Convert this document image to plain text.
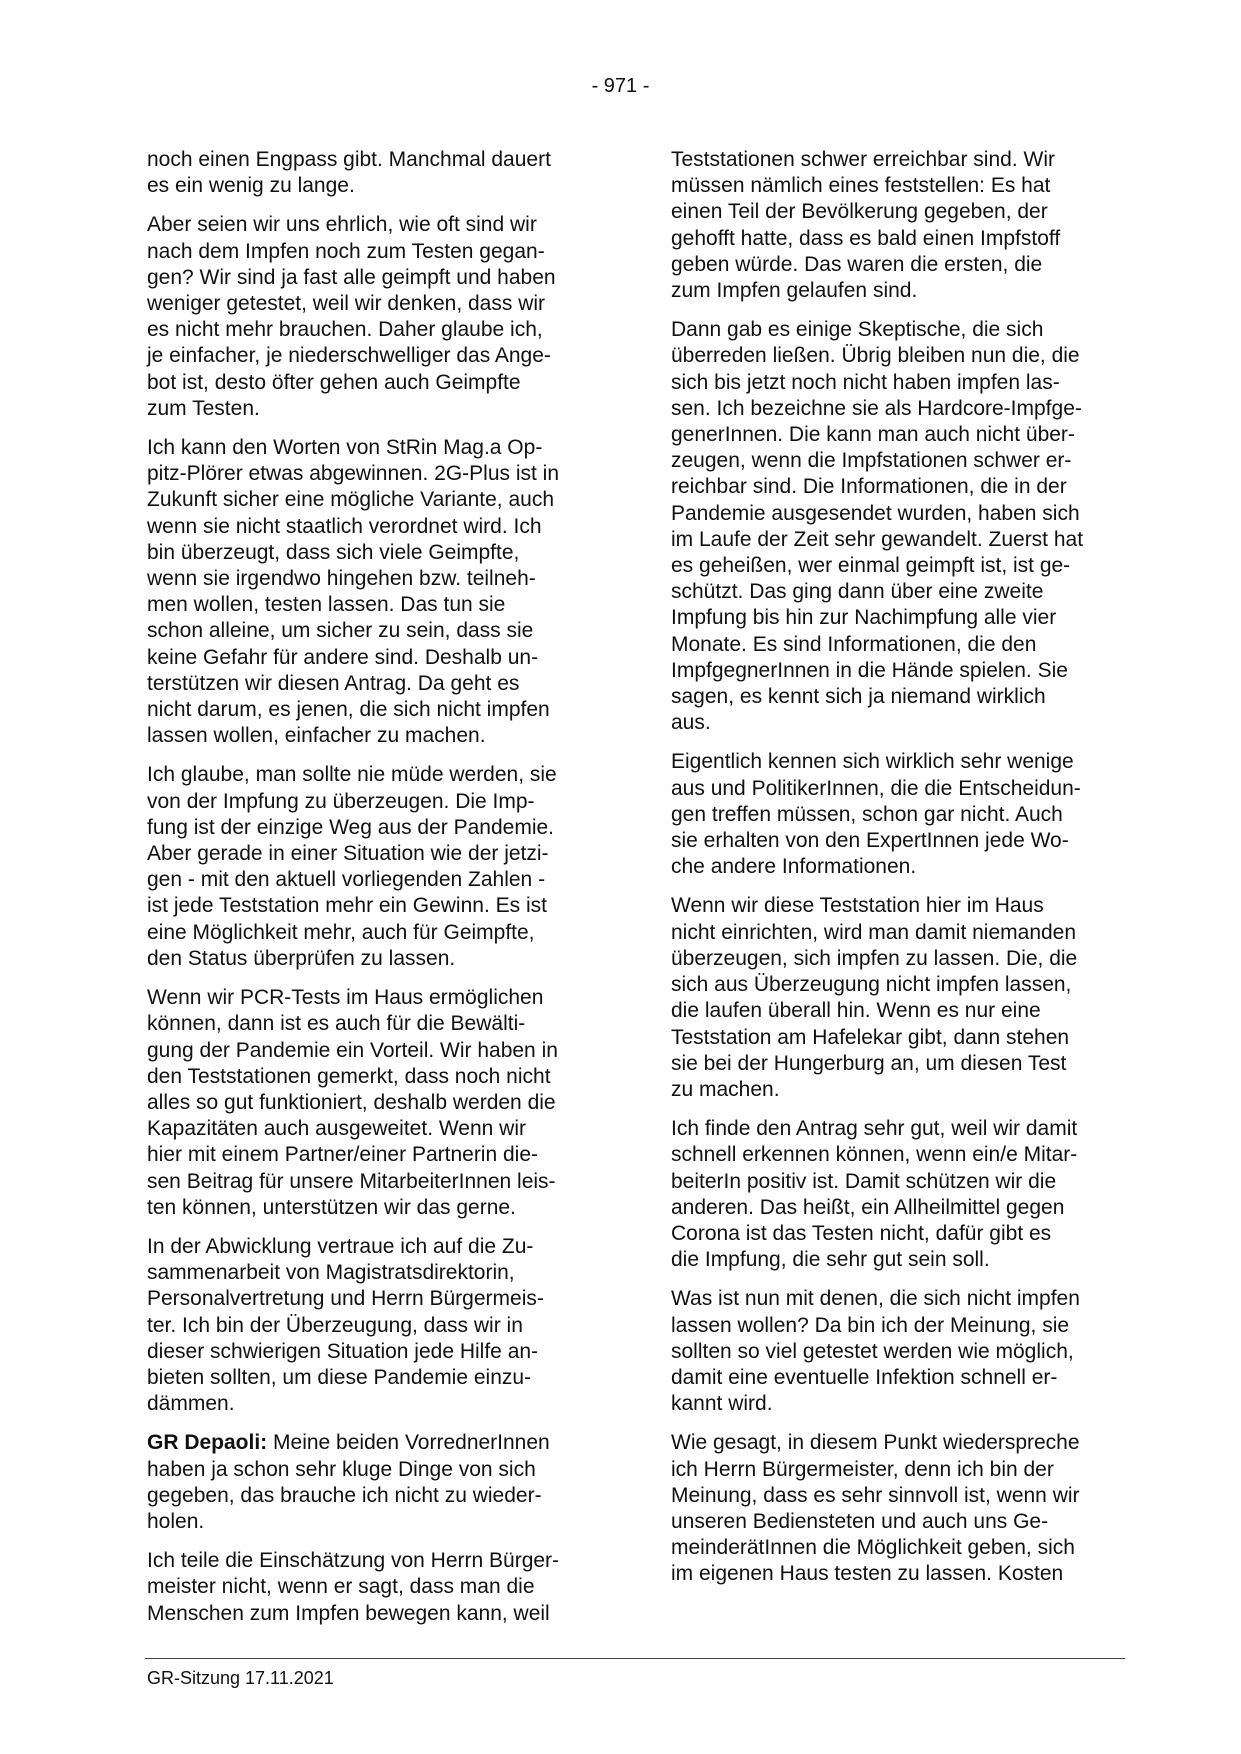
- 971 -

noch einen Engpass gibt. Manchmal dauert
es ein wenig zu lange.

Aber seien wir uns ehrlich, wie oft sind wir
nach dem Impfen noch zum Testen gegan-
gen? Wir sind ja fast alle geimpft und haben
weniger getestet, weil wir denken, dass wir
es nicht mehr brauchen. Daher glaube ich,
je einfacher, je niederschwelliger das Ange-
bot ist, desto öfter gehen auch Geimpfte
zum Testen.

Ich kann den Worten von StRin Mag.a Op-
pitz-Plörer etwas abgewinnen. 2G-Plus ist in
Zukunft sicher eine mögliche Variante, auch
wenn sie nicht staatlich verordnet wird. Ich
bin überzeugt, dass sich viele Geimpfte,
wenn sie irgendwo hingehen bzw. teilneh-
men wollen, testen lassen. Das tun sie
schon alleine, um sicher zu sein, dass sie
keine Gefahr für andere sind. Deshalb un-
terstützen wir diesen Antrag. Da geht es
nicht darum, es jenen, die sich nicht impfen
lassen wollen, einfacher zu machen.

Ich glaube, man sollte nie müde werden, sie
von der Impfung zu überzeugen. Die Imp-
fung ist der einzige Weg aus der Pandemie.
Aber gerade in einer Situation wie der jetzi-
gen - mit den aktuell vorliegenden Zahlen -
ist jede Teststation mehr ein Gewinn. Es ist
eine Möglichkeit mehr, auch für Geimpfte,
den Status überprüfen zu lassen.

Wenn wir PCR-Tests im Haus ermöglichen
können, dann ist es auch für die Bewälti-
gung der Pandemie ein Vorteil. Wir haben in
den Teststationen gemerkt, dass noch nicht
alles so gut funktioniert, deshalb werden die
Kapazitäten auch ausgeweitet. Wenn wir
hier mit einem Partner/einer Partnerin die-
sen Beitrag für unsere MitarbeiterInnen leis-
ten können, unterstützen wir das gerne.

In der Abwicklung vertraue ich auf die Zu-
sammenarbeit von Magistratsdirektorin,
Personalvertretung und Herrn Bürgermeis-
ter. Ich bin der Überzeugung, dass wir in
dieser schwierigen Situation jede Hilfe an-
bieten sollten, um diese Pandemie einzu-
dämmen.

GR Depaoli: Meine beiden VorrednerInnen
haben ja schon sehr kluge Dinge von sich
gegeben, das brauche ich nicht zu wieder-
holen.

Ich teile die Einschätzung von Herrn Bürger-
meister nicht, wenn er sagt, dass man die
Menschen zum Impfen bewegen kann, weil

Teststationen schwer erreichbar sind. Wir
müssen nämlich eines feststellen: Es hat
einen Teil der Bevölkerung gegeben, der
gehofft hatte, dass es bald einen Impfstoff
geben würde. Das waren die ersten, die
zum Impfen gelaufen sind.

Dann gab es einige Skeptische, die sich
überreden ließen. Übrig bleiben nun die, die
sich bis jetzt noch nicht haben impfen las-
sen. Ich bezeichne sie als Hardcore-Impfge-
generInnen. Die kann man auch nicht über-
zeugen, wenn die Impfstationen schwer er-
reichbar sind. Die Informationen, die in der
Pandemie ausgesendet wurden, haben sich
im Laufe der Zeit sehr gewandelt. Zuerst hat
es geheißen, wer einmal geimpft ist, ist ge-
schützt. Das ging dann über eine zweite
Impfung bis hin zur Nachimpfung alle vier
Monate. Es sind Informationen, die den
ImpfgegnerInnen in die Hände spielen. Sie
sagen, es kennt sich ja niemand wirklich
aus.

Eigentlich kennen sich wirklich sehr wenige
aus und PolitikerInnen, die die Entscheidun-
gen treffen müssen, schon gar nicht. Auch
sie erhalten von den ExpertInnen jede Wo-
che andere Informationen.

Wenn wir diese Teststation hier im Haus
nicht einrichten, wird man damit niemanden
überzeugen, sich impfen zu lassen. Die, die
sich aus Überzeugung nicht impfen lassen,
die laufen überall hin. Wenn es nur eine
Teststation am Hafelekar gibt, dann stehen
sie bei der Hungerburg an, um diesen Test
zu machen.

Ich finde den Antrag sehr gut, weil wir damit
schnell erkennen können, wenn ein/e Mitar-
beiterIn positiv ist. Damit schützen wir die
anderen. Das heißt, ein Allheilmittel gegen
Corona ist das Testen nicht, dafür gibt es
die Impfung, die sehr gut sein soll.

Was ist nun mit denen, die sich nicht impfen
lassen wollen? Da bin ich der Meinung, sie
sollten so viel getestet werden wie möglich,
damit eine eventuelle Infektion schnell er-
kannt wird.

Wie gesagt, in diesem Punkt wiederspreche
ich Herrn Bürgermeister, denn ich bin der
Meinung, dass es sehr sinnvoll ist, wenn wir
unseren Bediensteten und auch uns Ge-
meinderätInnen die Möglichkeit geben, sich
im eigenen Haus testen zu lassen. Kosten

GR-Sitzung 17.11.2021
